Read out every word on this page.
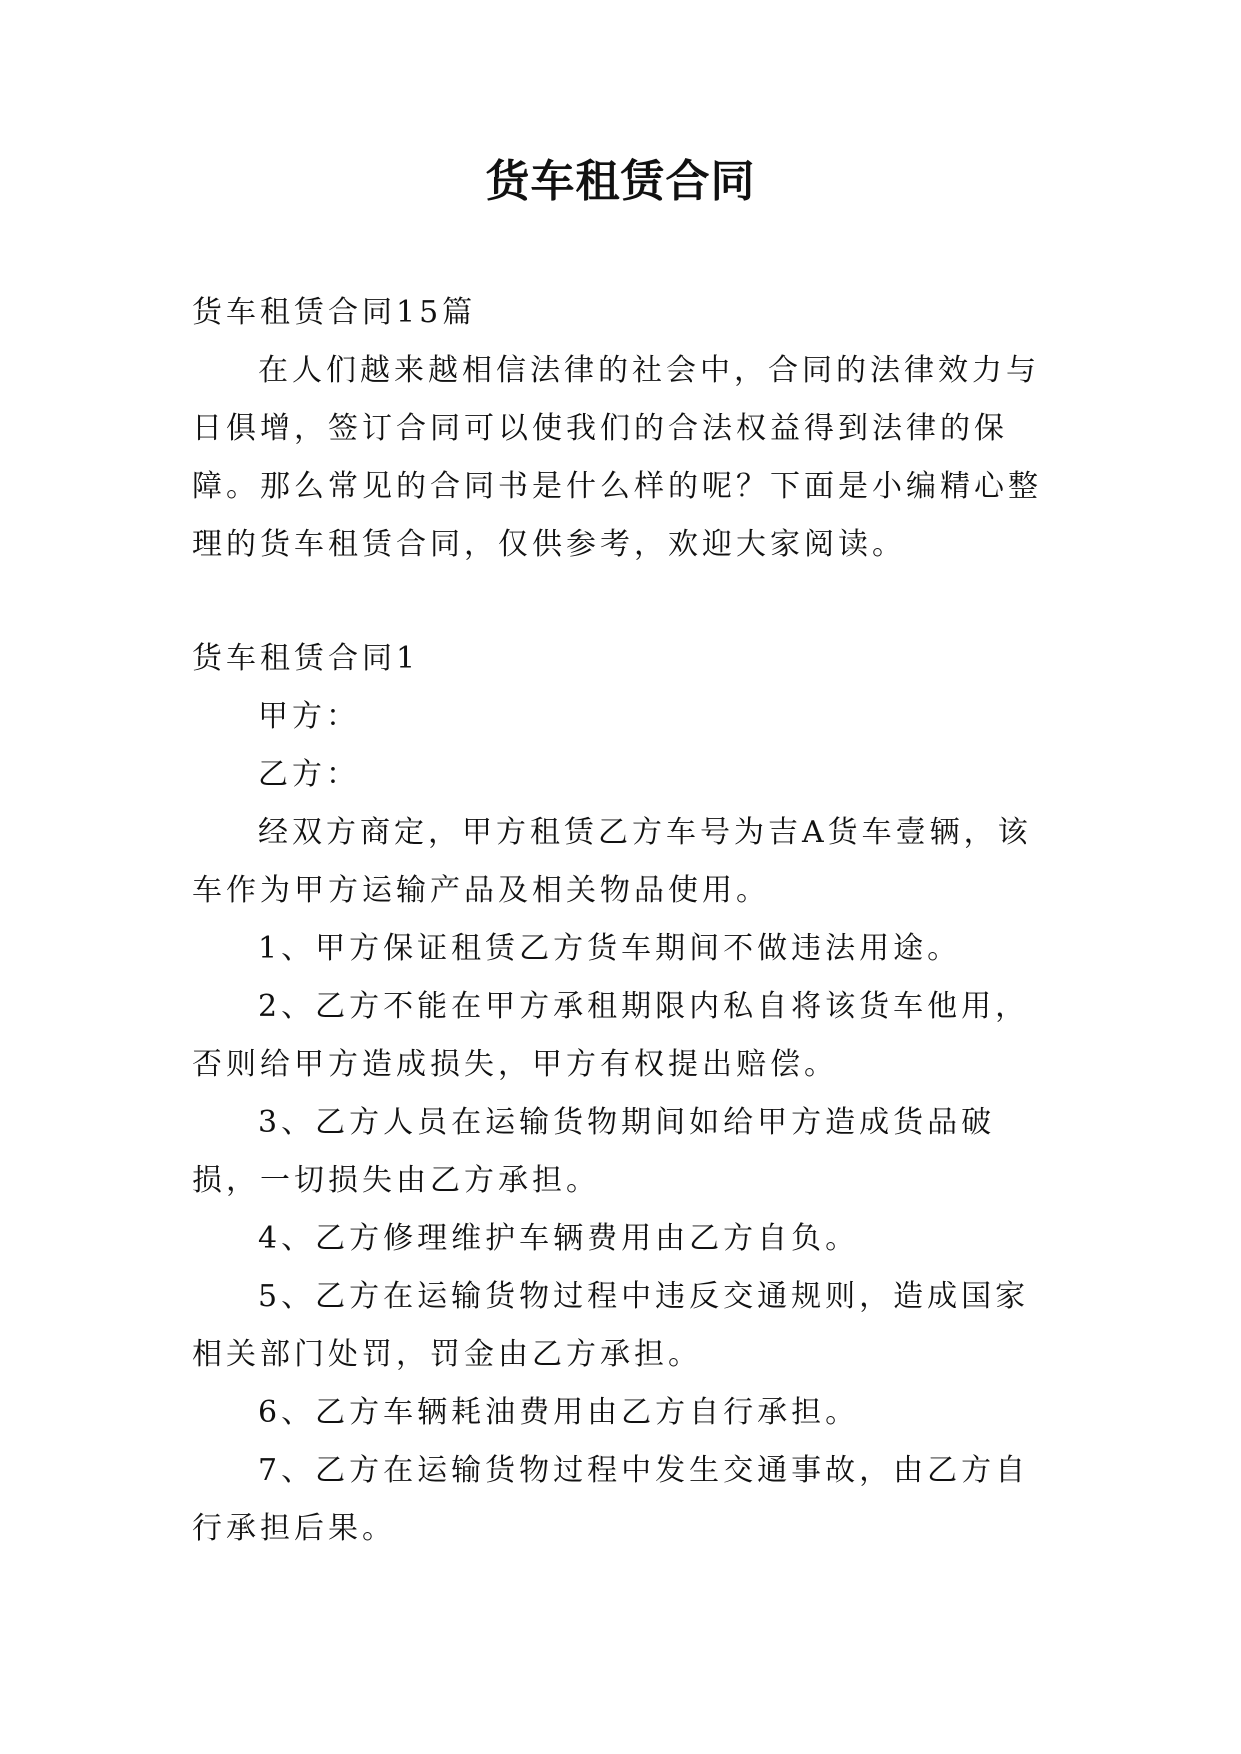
货车租赁合同

货车租赁合同15篇

在人们越来越相信法律的社会中，合同的法律效力与日俱增，签订合同可以使我们的合法权益得到法律的保障。那么常见的合同书是什么样的呢？下面是小编精心整理的货车租赁合同，仅供参考，欢迎大家阅读。

货车租赁合同1

甲方：

乙方：

经双方商定，甲方租赁乙方车号为吉A货车壹辆，该车作为甲方运输产品及相关物品使用。

1、甲方保证租赁乙方货车期间不做违法用途。

2、乙方不能在甲方承租期限内私自将该货车他用，否则给甲方造成损失，甲方有权提出赔偿。

3、乙方人员在运输货物期间如给甲方造成货品破损，一切损失由乙方承担。

4、乙方修理维护车辆费用由乙方自负。

5、乙方在运输货物过程中违反交通规则，造成国家相关部门处罚，罚金由乙方承担。

6、乙方车辆耗油费用由乙方自行承担。

7、乙方在运输货物过程中发生交通事故，由乙方自行承担后果。
